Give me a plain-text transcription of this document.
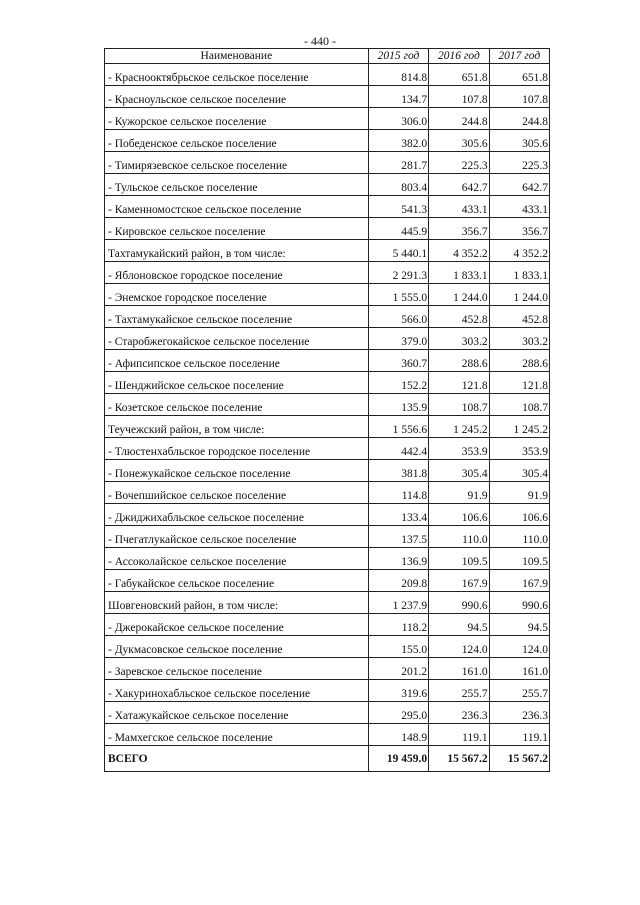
- 440 -
Наименование	2015 год	2016 год	2017 год
- Краснооктябрьское сельское поселение	814.8	651.8	651.8
- Красноульское сельское поселение	134.7	107.8	107.8
- Кужорское сельское поселение	306.0	244.8	244.8
- Победенское сельское поселение	382.0	305.6	305.6
- Тимирязевское сельское поселение	281.7	225.3	225.3
- Тульское сельское поселение	803.4	642.7	642.7
- Каменномостское сельское поселение	541.3	433.1	433.1
- Кировское сельское поселение	445.9	356.7	356.7
Тахтамукайский район, в том числе:	5 440.1	4 352.2	4 352.2
- Яблоновское городское поселение	2 291.3	1 833.1	1 833.1
- Энемское городское поселение	1 555.0	1 244.0	1 244.0
- Тахтамукайское сельское поселение	566.0	452.8	452.8
- Старобжегокайское сельское поселение	379.0	303.2	303.2
- Афипсипское сельское поселение	360.7	288.6	288.6
- Шенджийское сельское поселение	152.2	121.8	121.8
- Козетское сельское поселение	135.9	108.7	108.7
Теучежский район, в том числе:	1 556.6	1 245.2	1 245.2
- Тлюстенхабльское городское поселение	442.4	353.9	353.9
- Понежукайское сельское поселение	381.8	305.4	305.4
- Вочепшийское сельское поселение	114.8	91.9	91.9
- Джиджихабльское сельское поселение	133.4	106.6	106.6
- Пчегатлукайское сельское поселение	137.5	110.0	110.0
- Ассоколайское сельское поселение	136.9	109.5	109.5
- Габукайское сельское поселение	209.8	167.9	167.9
Шовгеновский район, в том числе:	1 237.9	990.6	990.6
- Джерокайское сельское поселение	118.2	94.5	94.5
- Дукмасовское сельское поселение	155.0	124.0	124.0
- Заревское сельское поселение	201.2	161.0	161.0
- Хакуринохабльское сельское поселение	319.6	255.7	255.7
- Хатажукайское сельское поселение	295.0	236.3	236.3
- Мамхегское сельское поселение	148.9	119.1	119.1
ВСЕГО	19 459.0	15 567.2	15 567.2
